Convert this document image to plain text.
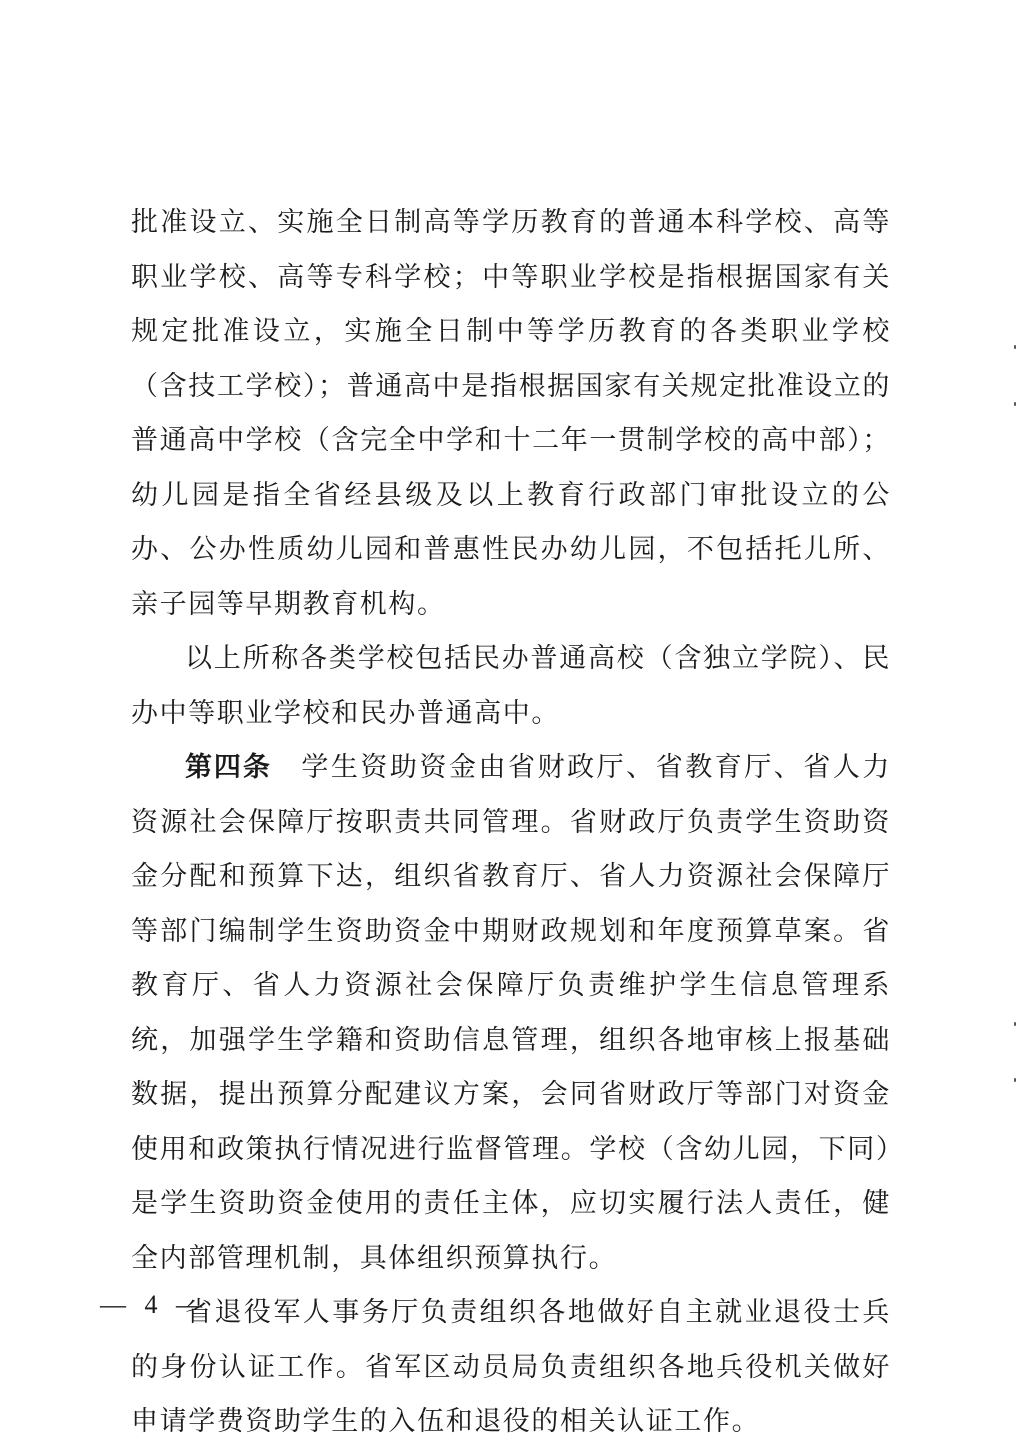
批准设立、实施全日制高等学历教育的普通本科学校、高等职业学校、高等专科学校；中等职业学校是指根据国家有关规定批准设立，实施全日制中等学历教育的各类职业学校（含技工学校）；普通高中是指根据国家有关规定批准设立的普通高中学校（含完全中学和十二年一贯制学校的高中部）；幼儿园是指全省经县级及以上教育行政部门审批设立的公办、公办性质幼儿园和普惠性民办幼儿园，不包括托儿所、亲子园等早期教育机构。

以上所称各类学校包括民办普通高校（含独立学院）、民办中等职业学校和民办普通高中。

第四条　 学生资助资金由省财政厅、省教育厅、省人力资源社会保障厅按职责共同管理。省财政厅负责学生资助资金分配和预算下达，组织省教育厅、省人力资源社会保障厅等部门编制学生资助资金中期财政规划和年度预算草案。省教育厅、省人力资源社会保障厅负责维护学生信息管理系统，加强学生学籍和资助信息管理，组织各地审核上报基础数据，提出预算分配建议方案，会同省财政厅等部门对资金使用和政策执行情况进行监督管理。学校（含幼儿园，下同）是学生资助资金使用的责任主体，应切实履行法人责任，健全内部管理机制，具体组织预算执行。

省退役军人事务厅负责组织各地做好自主就业退役士兵的身份认证工作。省军区动员局负责组织各地兵役机关做好申请学费资助学生的入伍和退役的相关认证工作。

— 4 —
